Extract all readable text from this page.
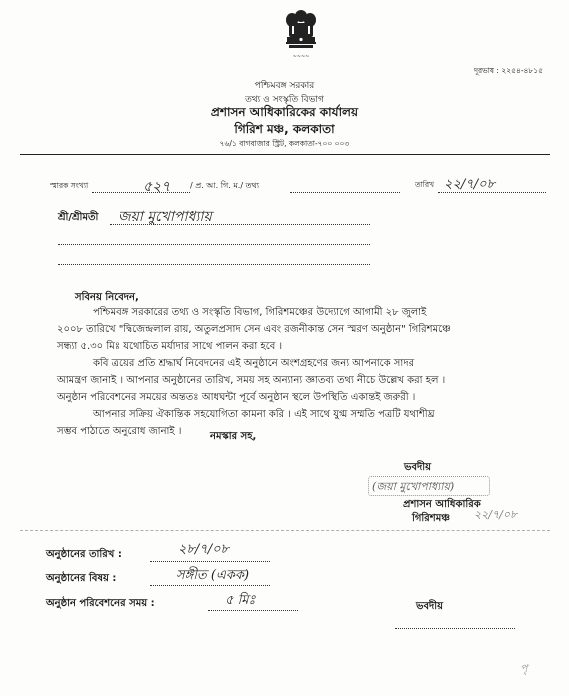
~~~~
দূরভাষ : ২২৫৪-৪৮১৫
পশ্চিমবঙ্গ সরকার
তথ্য ও সংস্কৃতি বিভাগ
প্রশাসন আধিকারিকের কার্যালয়
গিরিশ মঞ্চ, কলকাতা
৭৬/১ বাগবাজার স্ট্রিট, কলকাতা-৭০০ ০০৩
স্মারক সংখ্যা	৫২৭ / প্র. আ. গি. ম./ তথ্য	তারিখ ২২/৭/০৮
শ্রী/শ্রীমতী জয়া মুখোপাধ্যায়
সবিনয় নিবেদন,
পশ্চিমবঙ্গ সরকারের তথ্য ও সংস্কৃতি বিভাগ, গিরিশমঞ্চের উদ্যোগে আগামী ২৮ জুলাই
২০০৮ তারিখে "দ্বিজেন্দ্রলাল রায়, অতুলপ্রসাদ সেন এবং রজনীকান্ত সেন স্মরণ অনুষ্ঠান" গিরিশমঞ্চে
সন্ধ্যা ৫.৩০ মিঃ যথোচিত মর্যাদার সাথে পালন করা হবে ।
কবি ত্রয়ের প্রতি শ্রদ্ধার্ঘ নিবেদনের এই অনুষ্ঠানে অংশগ্রহণের জন্য আপনাকে সাদর
আমন্ত্রণ জানাই । আপনার অনুষ্ঠানের তারিখ, সময় সহ অন্যান্য জ্ঞাতব্য তথ্য নীচে উল্লেখ করা হল ।
অনুষ্ঠান পরিবেশনের সময়ের অন্ততঃ আধঘন্টা পূর্বে অনুষ্ঠান স্থলে উপস্থিতি একান্তই জরুরী ।
আপনার সক্রিয় ঐকান্তিক সহযোগিতা কামনা করি । এই সাথে যুগ্ম সম্মতি পত্রটি যথাশীঘ্র
সম্ভব পাঠাতে অনুরোধ জানাই ।	নমস্কার সহ,
ভবদীয়
(জয়া মুখোপাধ্যায়)
প্রশাসন আধিকারিক
গিরিশমঞ্চ ২২/৭/০৮
অনুষ্ঠানের তারিখ :	২৮/৭/০৮
অনুষ্ঠানের বিষয় :	সঙ্গীত (একক)
অনুষ্ঠান পরিবেশনের সময় :	৫ মিঃ	ভবদীয়
পৃ
